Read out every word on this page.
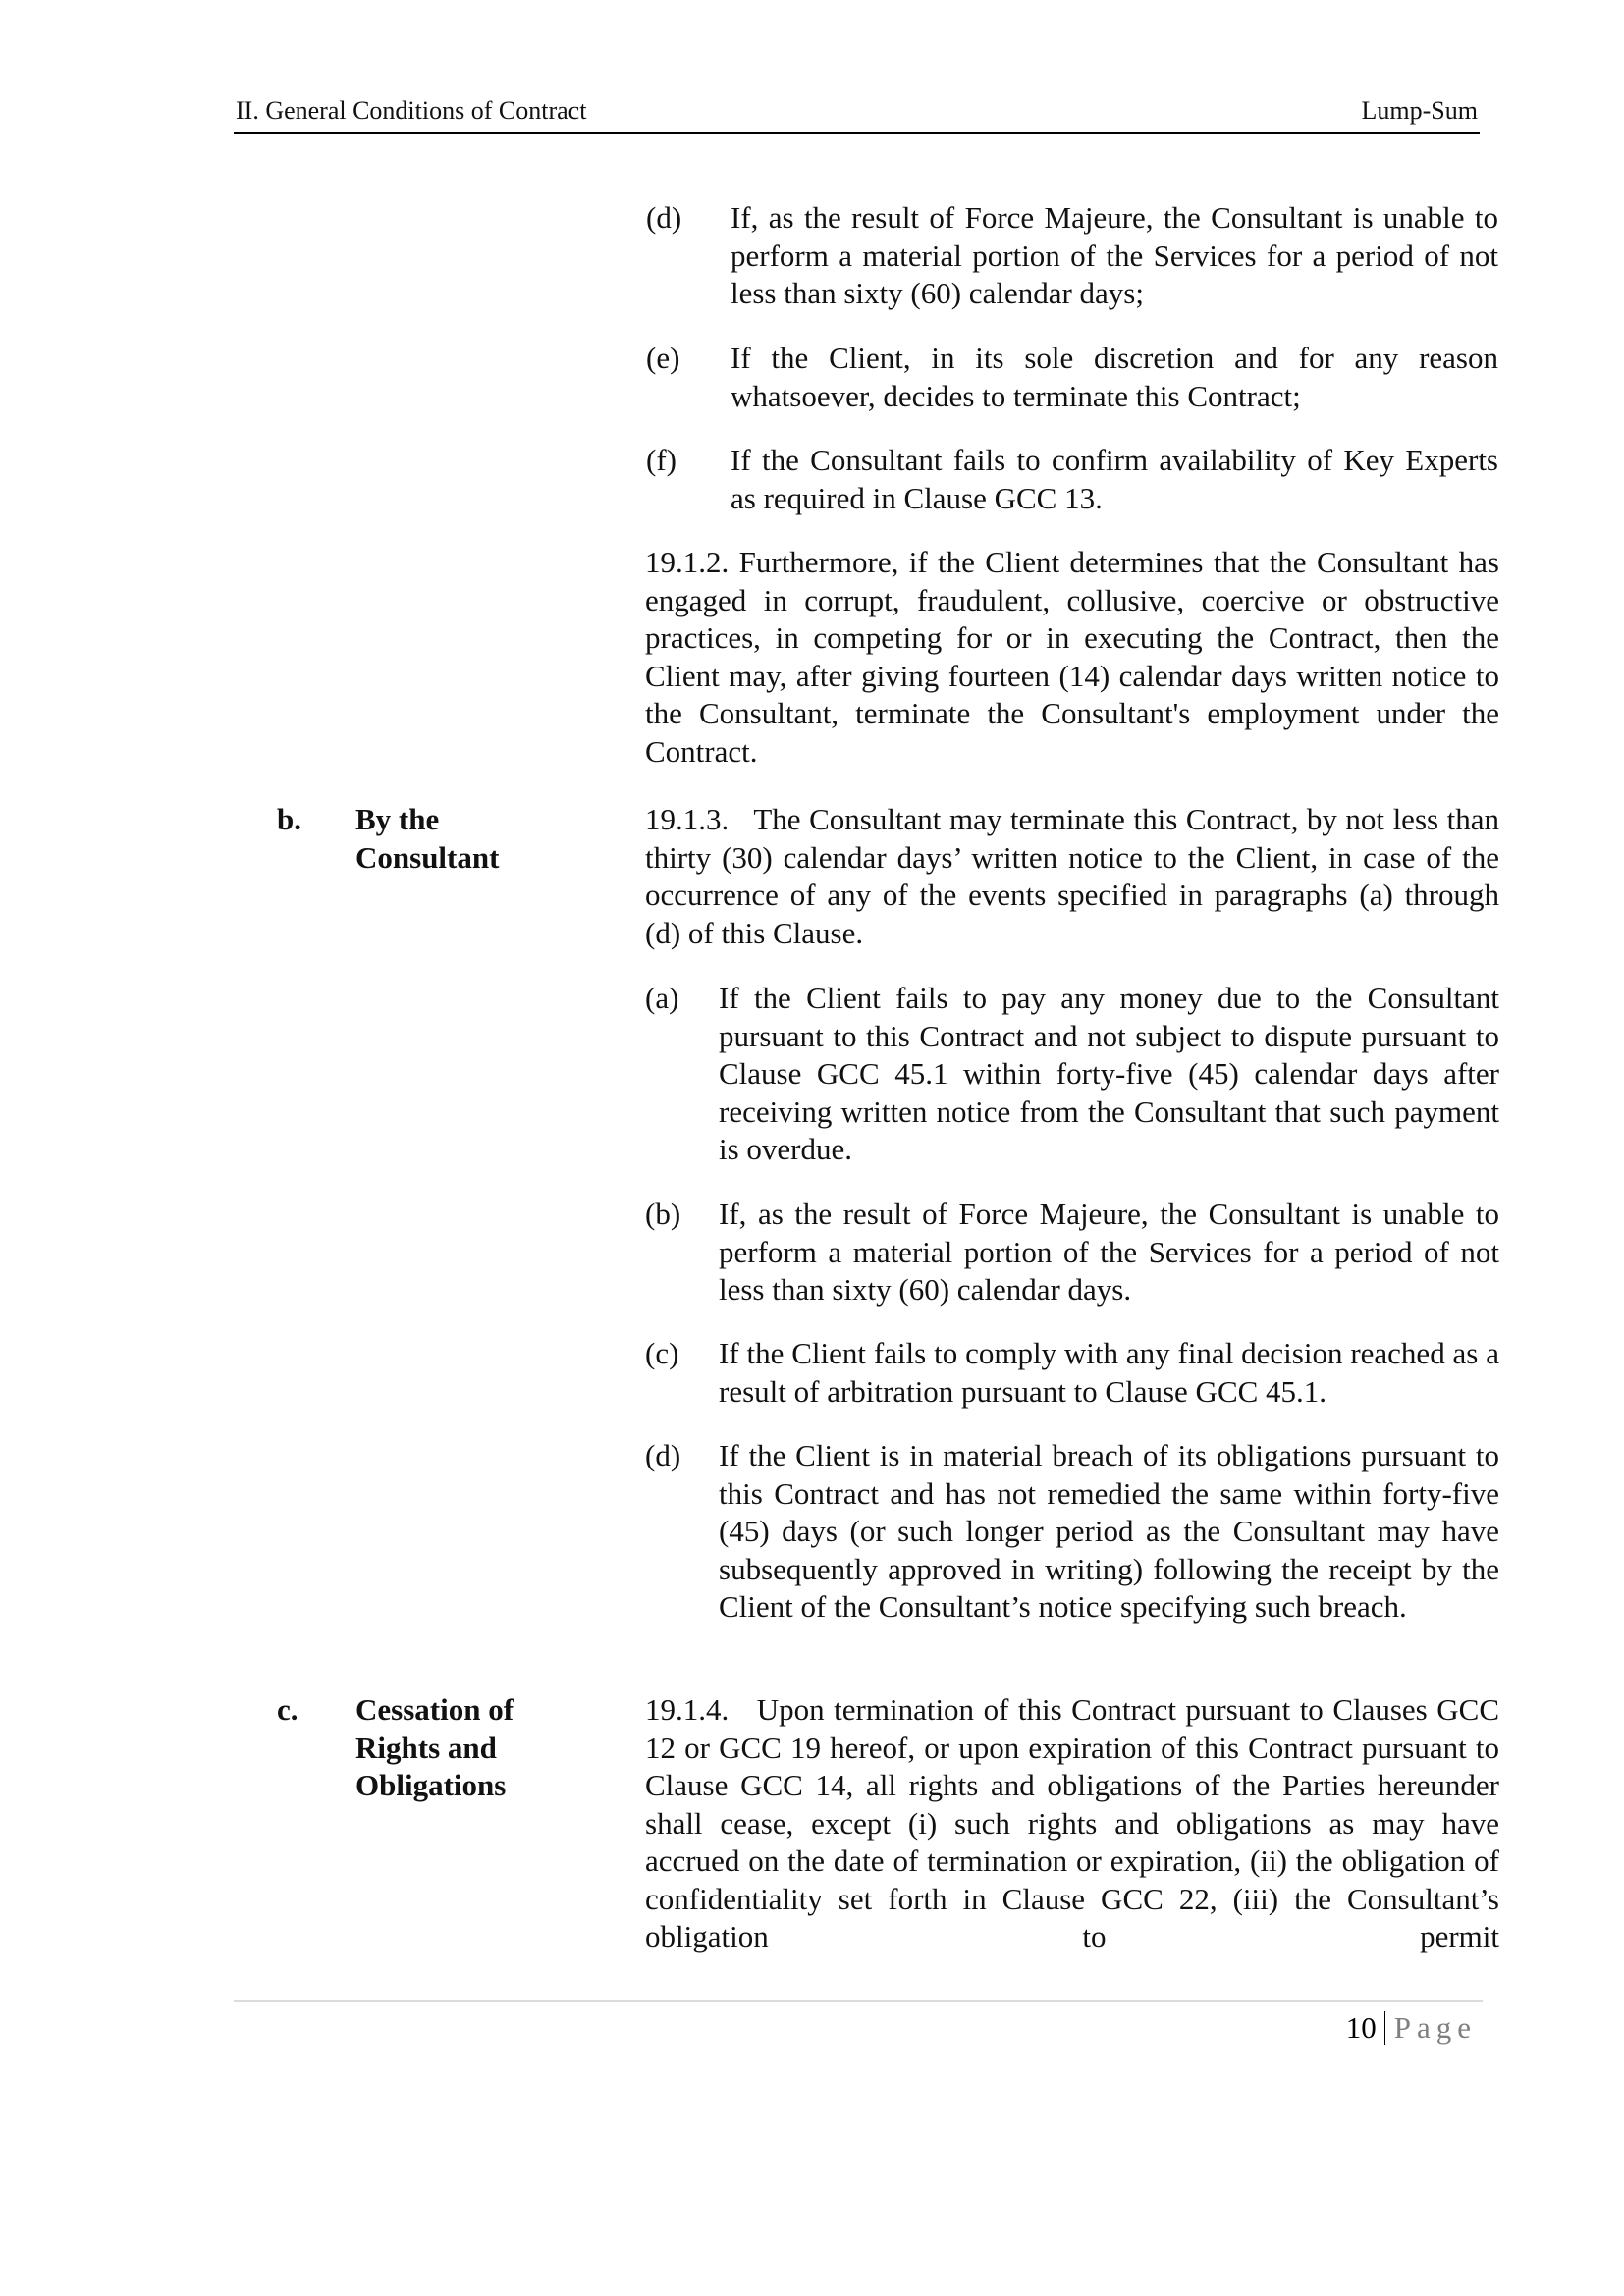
II. General Conditions of Contract	Lump-Sum
(d) If, as the result of Force Majeure, the Consultant is unable to perform a material portion of the Services for a period of not less than sixty (60) calendar days;
(e) If the Client, in its sole discretion and for any reason whatsoever, decides to terminate this Contract;
(f) If the Consultant fails to confirm availability of Key Experts as required in Clause GCC 13.
19.1.2. Furthermore, if the Client determines that the Consultant has engaged in corrupt, fraudulent, collusive, coercive or obstructive practices, in competing for or in executing the Contract, then the Client may, after giving fourteen (14) calendar days written notice to the Consultant, terminate the Consultant's employment under the Contract.
b. By the
Consultant
19.1.3.   The Consultant may terminate this Contract, by not less than thirty (30) calendar days’ written notice to the Client, in case of the occurrence of any of the events specified in paragraphs (a) through (d) of this Clause.
(a) If the Client fails to pay any money due to the Consultant pursuant to this Contract and not subject to dispute pursuant to Clause GCC 45.1 within forty-five (45) calendar days after receiving written notice from the Consultant that such payment is overdue.
(b) If, as the result of Force Majeure, the Consultant is unable to perform a material portion of the Services for a period of not less than sixty (60) calendar days.
(c) If the Client fails to comply with any final decision reached as a result of arbitration pursuant to Clause GCC 45.1.
(d) If the Client is in material breach of its obligations pursuant to this Contract and has not remedied the same within forty-five (45) days (or such longer period as the Consultant may have subsequently approved in writing) following the receipt by the Client of the Consultant’s notice specifying such breach.
c. Cessation of
Rights and
Obligations
19.1.4.   Upon termination of this Contract pursuant to Clauses GCC 12 or GCC 19 hereof, or upon expiration of this Contract pursuant to Clause GCC 14, all rights and obligations of the Parties hereunder shall cease, except (i) such rights and obligations as may have accrued on the date of termination or expiration, (ii) the obligation of confidentiality set forth in Clause GCC 22, (iii) the Consultant’s obligation to permit
10 Page
